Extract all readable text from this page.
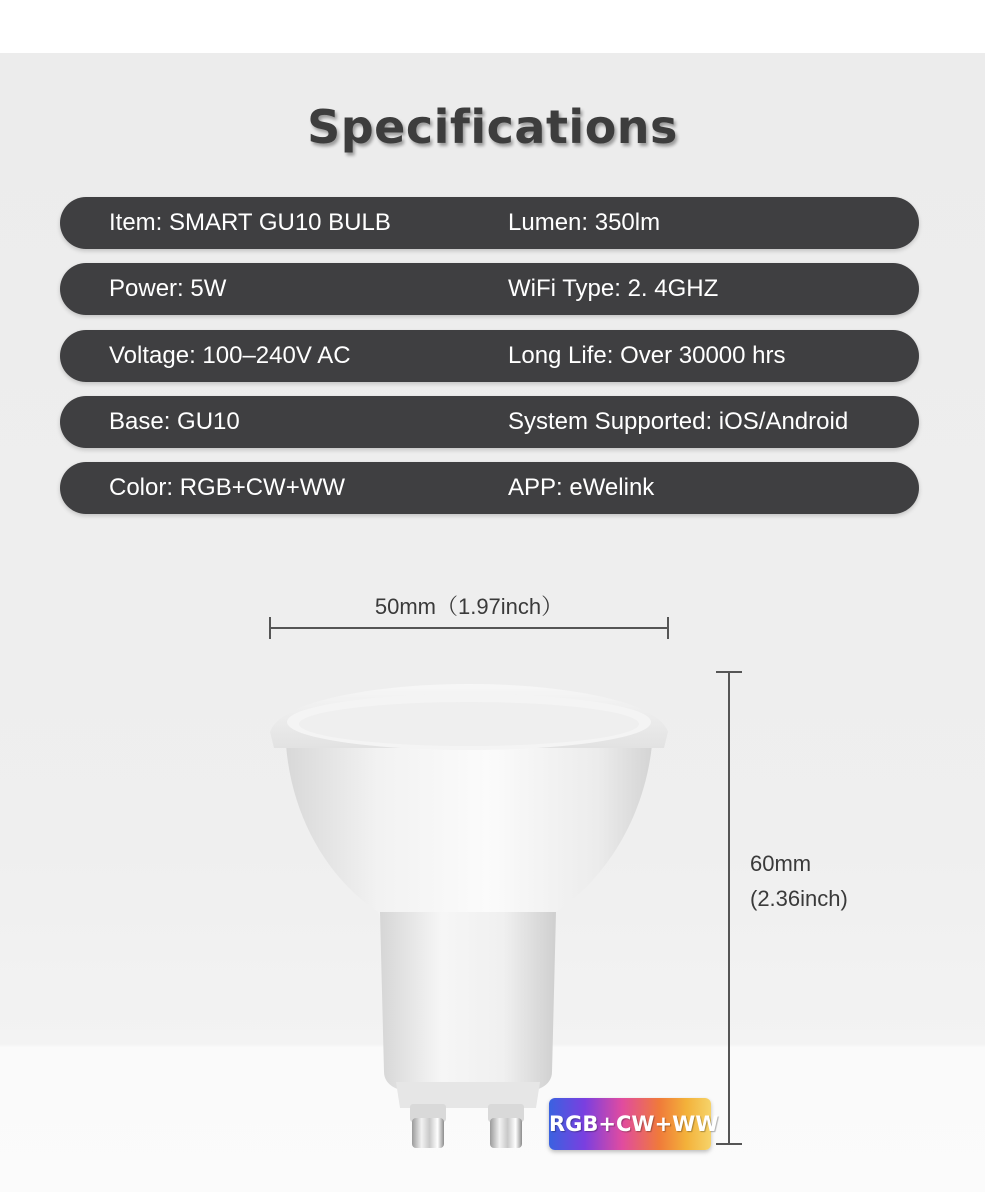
Specifications
Item: SMART GU10 BULB	Lumen: 350lm
Power: 5W	WiFi Type: 2. 4GHZ
Voltage: 100–240V AC	Long Life: Over 30000 hrs
Base: GU10	System Supported: iOS/Android
Color: RGB+CW+WW	APP: eWelink
50mm（1.97inch）
60mm
(2.36inch)
RGB+CW+WW
